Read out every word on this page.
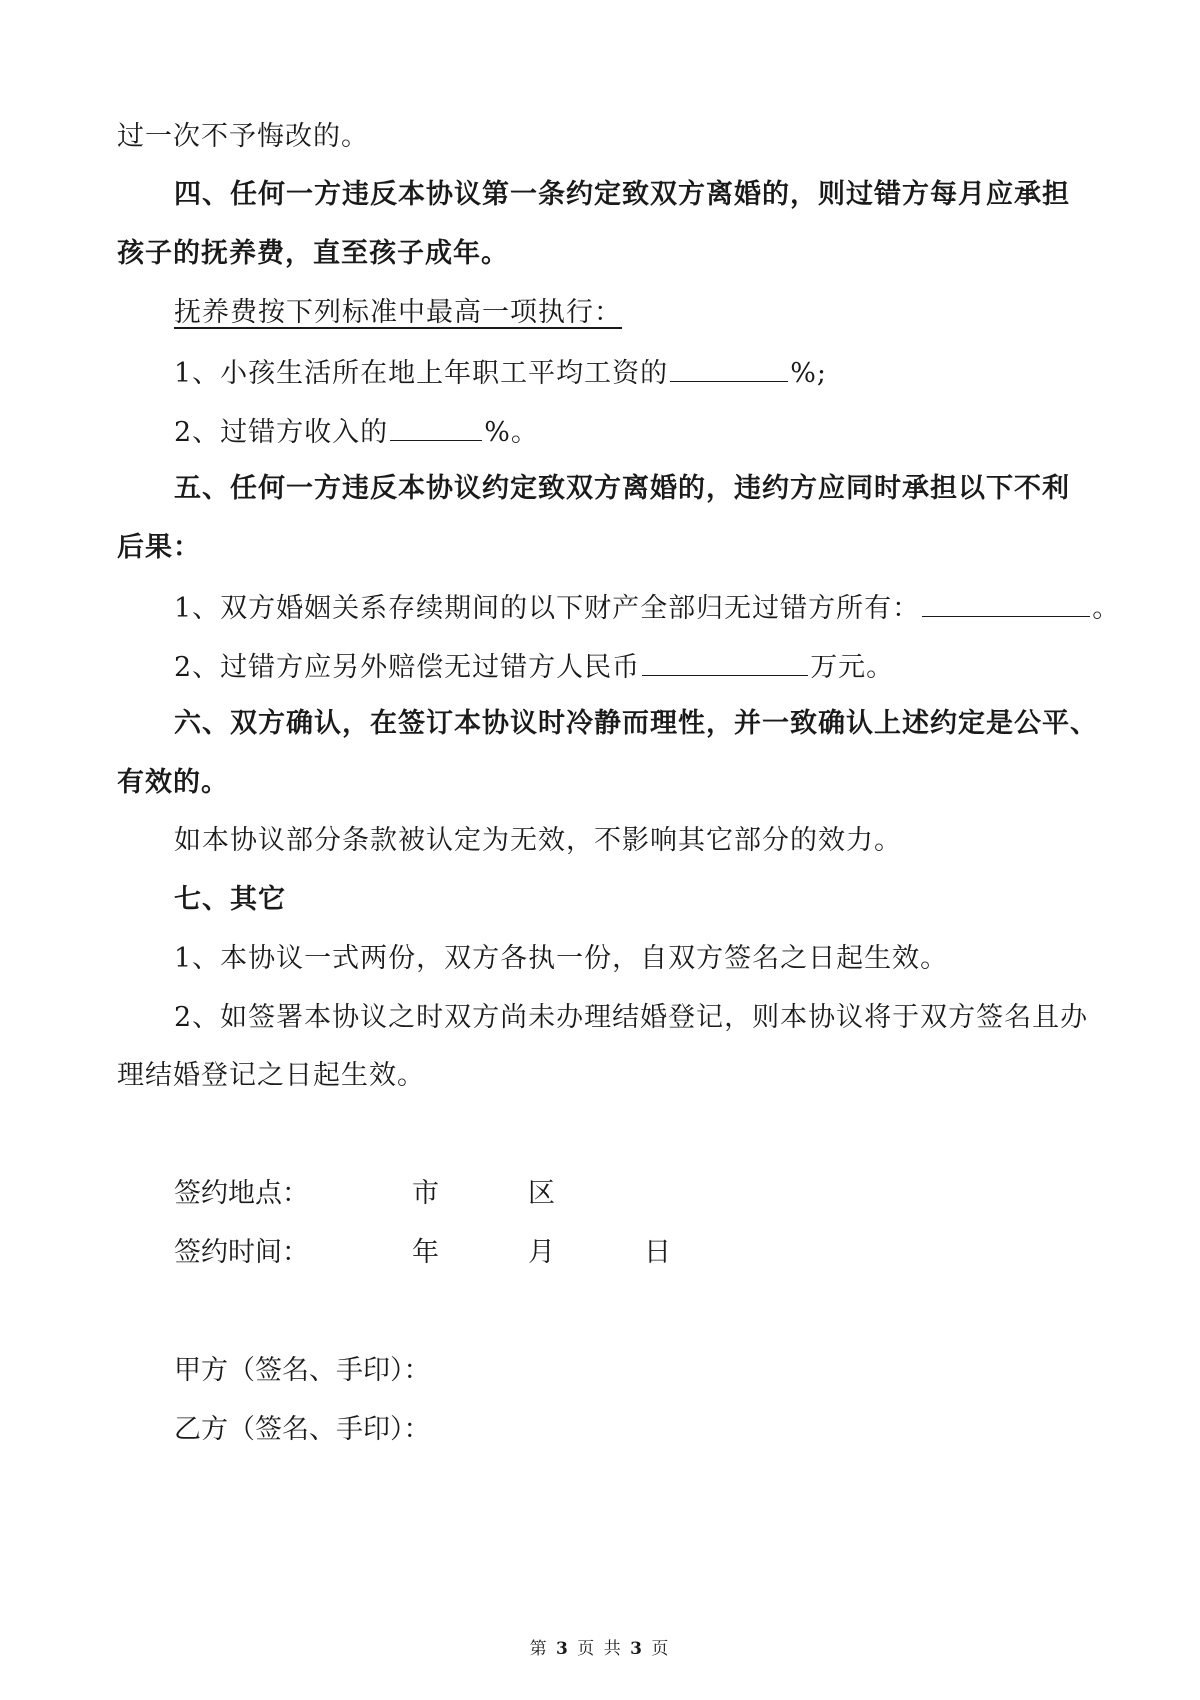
过一次不予悔改的。
四、任何一方违反本协议第一条约定致双方离婚的，则过错方每月应承担
孩子的抚养费，直至孩子成年。
抚养费按下列标准中最高一项执行：
1、小孩生活所在地上年职工平均工资的	%;
2、过错方收入的	%。
五、任何一方违反本协议约定致双方离婚的，违约方应同时承担以下不利
后果：
1、双方婚姻关系存续期间的以下财产全部归无过错方所有：	。
2、过错方应另外赔偿无过错方人民币	万元。
六、双方确认，在签订本协议时冷静而理性，并一致确认上述约定是公平、
有效的。
如本协议部分条款被认定为无效，不影响其它部分的效力。
七、其它
1、本协议一式两份，双方各执一份，自双方签名之日起生效。
2、如签署本协议之时双方尚未办理结婚登记，则本协议将于双方签名且办
理结婚登记之日起生效。
签约地点：	市	区
签约时间：	年	月	日
甲方（签名、手印）：
乙方（签名、手印）：
第 3 页 共 3 页
